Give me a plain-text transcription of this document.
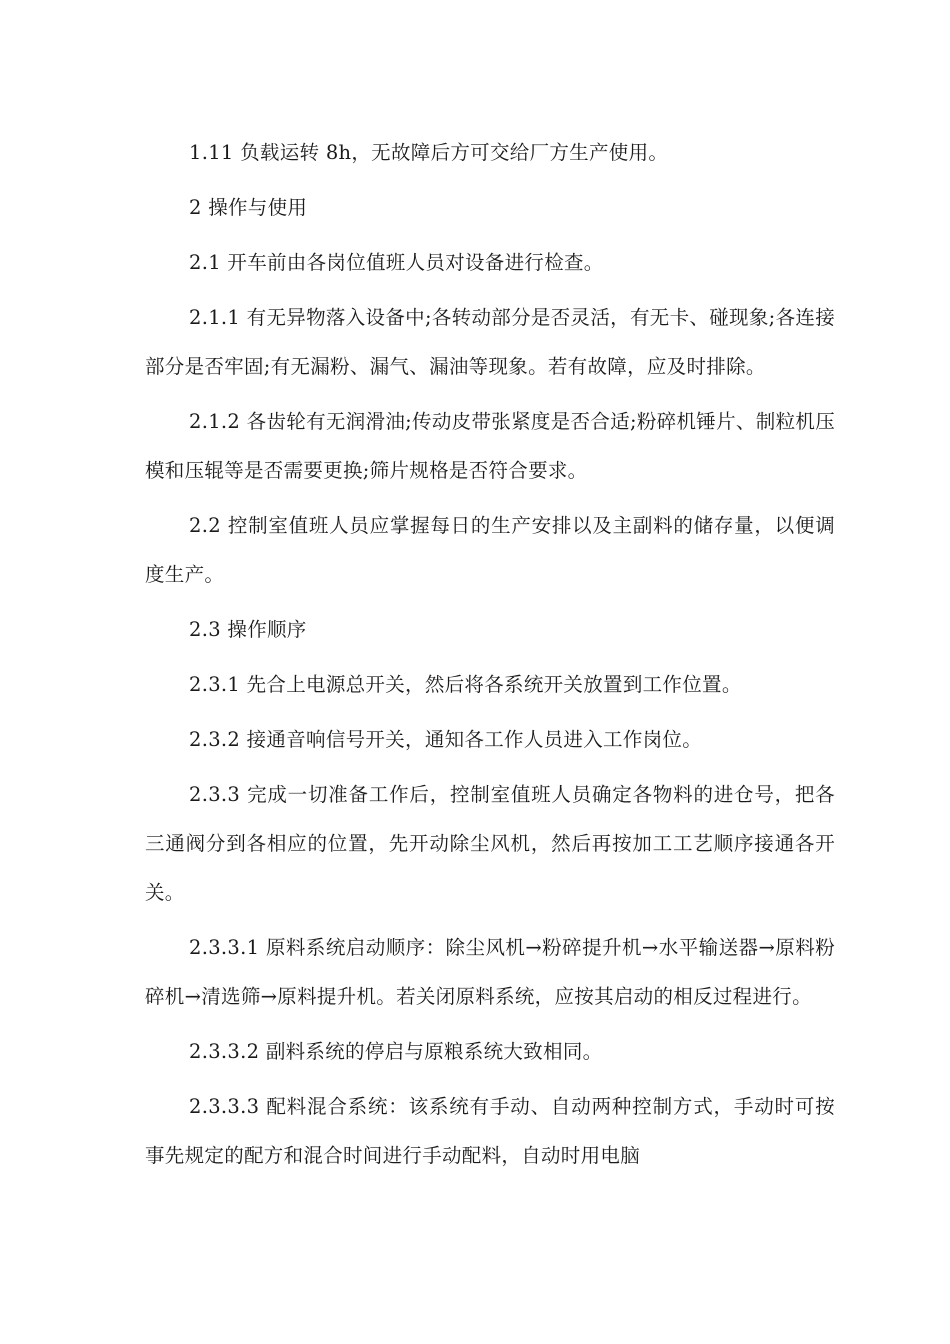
1.11 负载运转 8h，无故障后方可交给厂方生产使用。

2 操作与使用

2.1 开车前由各岗位值班人员对设备进行检查。

2.1.1 有无异物落入设备中;各转动部分是否灵活，有无卡、碰现象;各连接部分是否牢固;有无漏粉、漏气、漏油等现象。若有故障，应及时排除。

2.1.2 各齿轮有无润滑油;传动皮带张紧度是否合适;粉碎机锤片、制粒机压模和压辊等是否需要更换;筛片规格是否符合要求。

2.2 控制室值班人员应掌握每日的生产安排以及主副料的储存量，以便调度生产。

2.3 操作顺序

2.3.1 先合上电源总开关，然后将各系统开关放置到工作位置。

2.3.2 接通音响信号开关，通知各工作人员进入工作岗位。

2.3.3 完成一切准备工作后，控制室值班人员确定各物料的进仓号，把各三通阀分到各相应的位置，先开动除尘风机，然后再按加工工艺顺序接通各开关。

2.3.3.1 原料系统启动顺序：除尘风机→粉碎提升机→水平输送器→原料粉碎机→清选筛→原料提升机。若关闭原料系统，应按其启动的相反过程进行。

2.3.3.2 副料系统的停启与原粮系统大致相同。

2.3.3.3 配料混合系统：该系统有手动、自动两种控制方式，手动时可按事先规定的配方和混合时间进行手动配料，自动时用电脑
